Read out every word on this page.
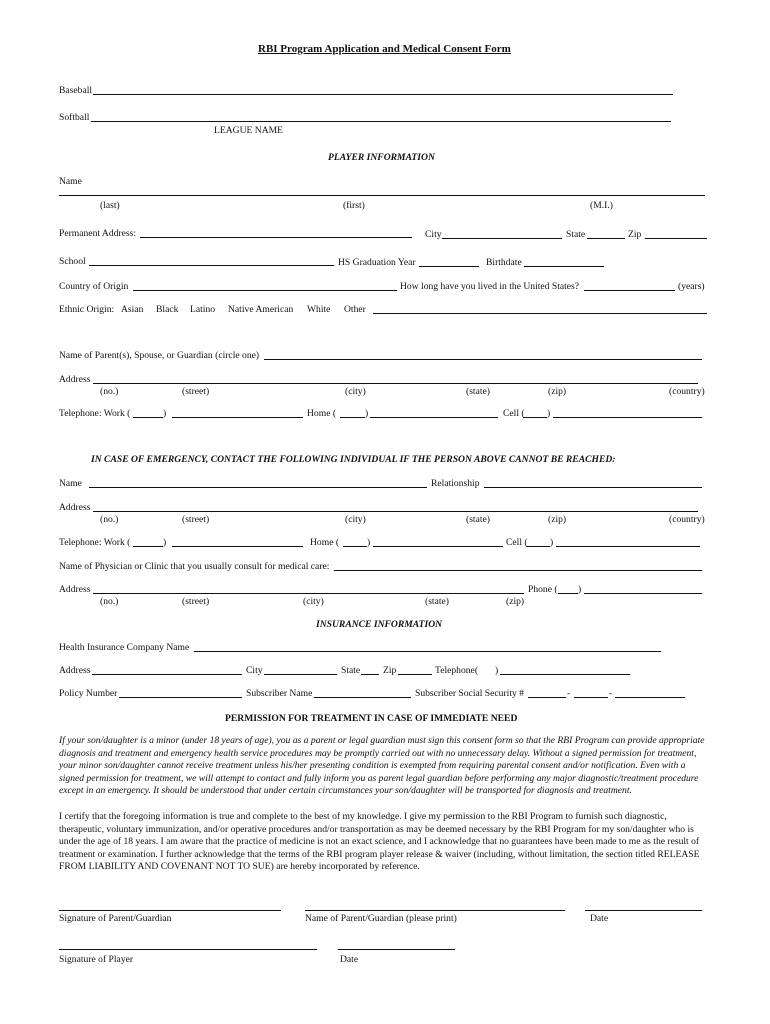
RBI Program Application and Medical Consent Form
Baseball
Softball
LEAGUE NAME
PLAYER INFORMATION
Name
(last)	(first)	(M.I.)
Permanent Address:	City	State	Zip
School	HS Graduation Year	Birthdate
Country of Origin	How long have you lived in the United States?	(years)
Ethnic Origin: Asian Black Latino Native American White Other
Name of Parent(s), Spouse, or Guardian (circle one)
Address
(no.)	(street)	(city)	(state)	(zip)	(country)
Telephone: Work (	)	Home (	)	Cell ( )
IN CASE OF EMERGENCY, CONTACT THE FOLLOWING INDIVIDUAL IF THE PERSON ABOVE CANNOT BE REACHED:
Name	Relationship
Address
(no.)	(street)	(city)	(state)	(zip)	(country)
Telephone: Work (	)	Home (	)	Cell ( )
Name of Physician or Clinic that you usually consult for medical care:
Address	Phone ( )
(no.)	(street)	(city)	(state)	(zip)
INSURANCE INFORMATION
Health Insurance Company Name
Address	City	State Zip	Telephone( )
Policy Number	Subscriber Name	Subscriber Social Security #	-	-
PERMISSION FOR TREATMENT IN CASE OF IMMEDIATE NEED
If your son/daughter is a minor (under 18 years of age), you as a parent or legal guardian must sign this consent form so that the RBI Program can provide appropriate diagnosis and treatment and emergency health service procedures may be promptly carried out with no unnecessary delay. Without a signed permission for treatment, your minor son/daughter cannot receive treatment unless his/her presenting condition is exempted from requiring parental consent and/or notification. Even with a signed permission for treatment, we will attempt to contact and fully inform you as parent legal guardian before performing any major diagnostic/treatment procedure except in an emergency. It should be understood that under certain circumstances your son/daughter will be transported for diagnosis and treatment.
I certify that the foregoing information is true and complete to the best of my knowledge. I give my permission to the RBI Program to furnish such diagnostic, therapeutic, voluntary immunization, and/or operative procedures and/or transportation as may be deemed necessary by the RBI Program for my son/daughter who is under the age of 18 years. I am aware that the practice of medicine is not an exact science, and I acknowledge that no guarantees have been made to me as the result of treatment or examination. I further acknowledge that the terms of the RBI program player release & waiver (including, without limitation, the section titled RELEASE FROM LIABILITY AND COVENANT NOT TO SUE) are hereby incorporated by reference.
Signature of Parent/Guardian	Name of Parent/Guardian (please print)	Date
Signature of Player	Date
